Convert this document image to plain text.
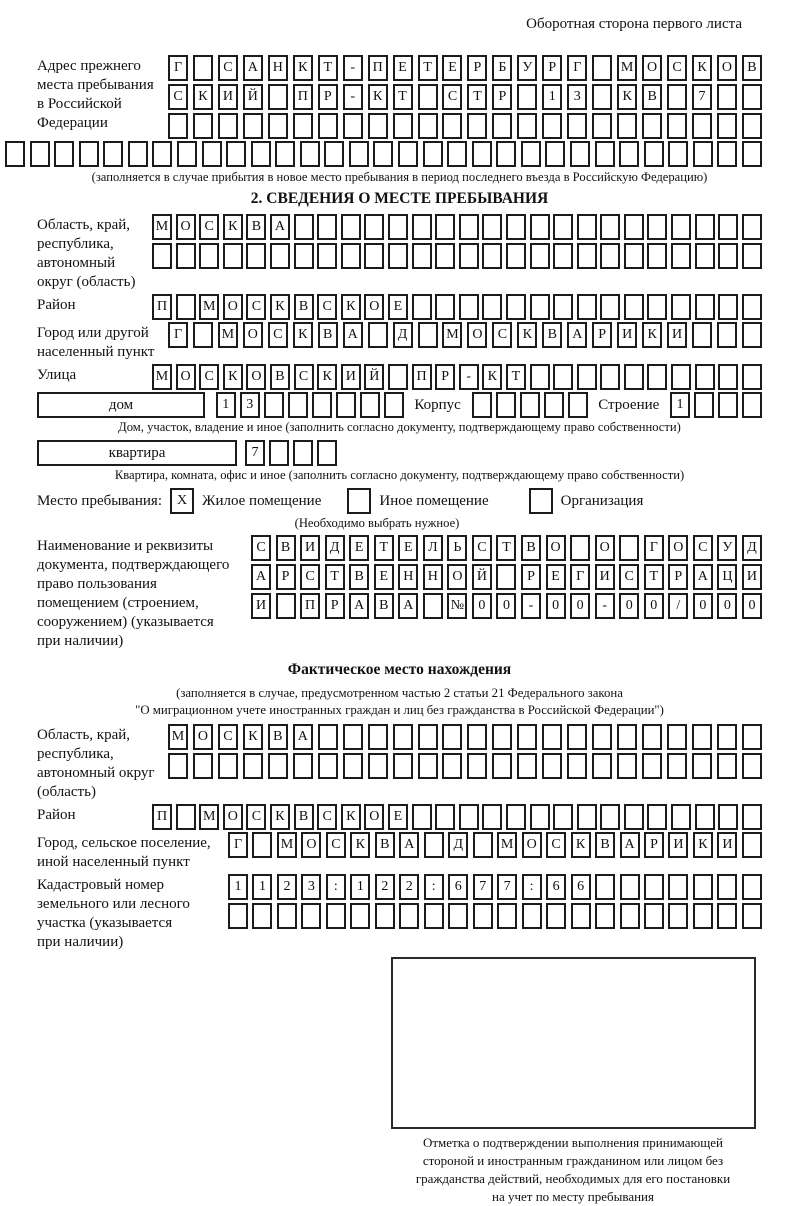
Оборотная сторона первого листа
Адрес прежнего
места пребывания
в Российской
Федерации
Г	С	А	Н	К	Т	-	П	Е	Т	Е	Р	Б	У	Р	Г	М О	С	К	О	В
С	К	И	Й	П	Р	-	К	Т	С	Т	Р	1	3	К	В	7
(заполняется в случае прибытия в новое место пребывания в период последнего въезда в Российскую Федерацию)
2. СВЕДЕНИЯ О МЕСТЕ ПРЕБЫВАНИЯ
Область, край,
республика,
автономный
округ (область)
М О С	К	В А
Район	П	М О С	К	В	С	К О	Е
Город или другой
населенный пункт
Г	М О	С	К	В	А	Д	М О	С	К	В	А	Р	И	К	И
Улица	М О С	К О В	С	К И Й	П	Р	-	К	Т
дом	1	3	Корпус	Строение	1
Дом, участок, владение и иное (заполнить согласно документу, подтверждающему право собственности)
квартира	7
Квартира, комната, офис и иное (заполнить согласно документу, подтверждающему право собственности)
Место пребывания:	X Жилое помещение	Иное помещение	Организация
(Необходимо выбрать нужное)
Наименование и реквизиты
документа, подтверждающего
право пользования
помещением (строением,
сооружением) (указывается
при наличии)
С	В	И	Д	Е	Т	Е	Л	Ь	С	Т	В	О	О	Г	О	С	У	Д
А	Р	С	Т	В	Е	Н	Н	О	Й	Р	Е	Г	И	С	Т	Р	А	Ц	И
И	П	Р	А	В	А	№	0	0	-	0	0	-	0	0	/	0	0	0
Фактическое место нахождения
(заполняется в случае, предусмотренном частью 2 статьи 21 Федерального закона
"О миграционном учете иностранных граждан и лиц без гражданства в Российской Федерации")
Область, край,
республика,
автономный округ
(область)
М О	С	К	В	А
Район	П	М О С	К	В	С	К О	Е
Город, сельское поселение,
иной населенный пункт
Г	М О	С	К	В	А	Д	М О	С	К	В	А	Р	И	К	И
Кадастровый номер
земельного или лесного
участка (указывается
при наличии)
1	1	2	3	:	1	2	2	:	6	7	7	:	6	6
Отметка о подтверждении выполнения принимающей
стороной и иностранным гражданином или лицом без
гражданства действий, необходимых для его постановки
на учет по месту пребывания
